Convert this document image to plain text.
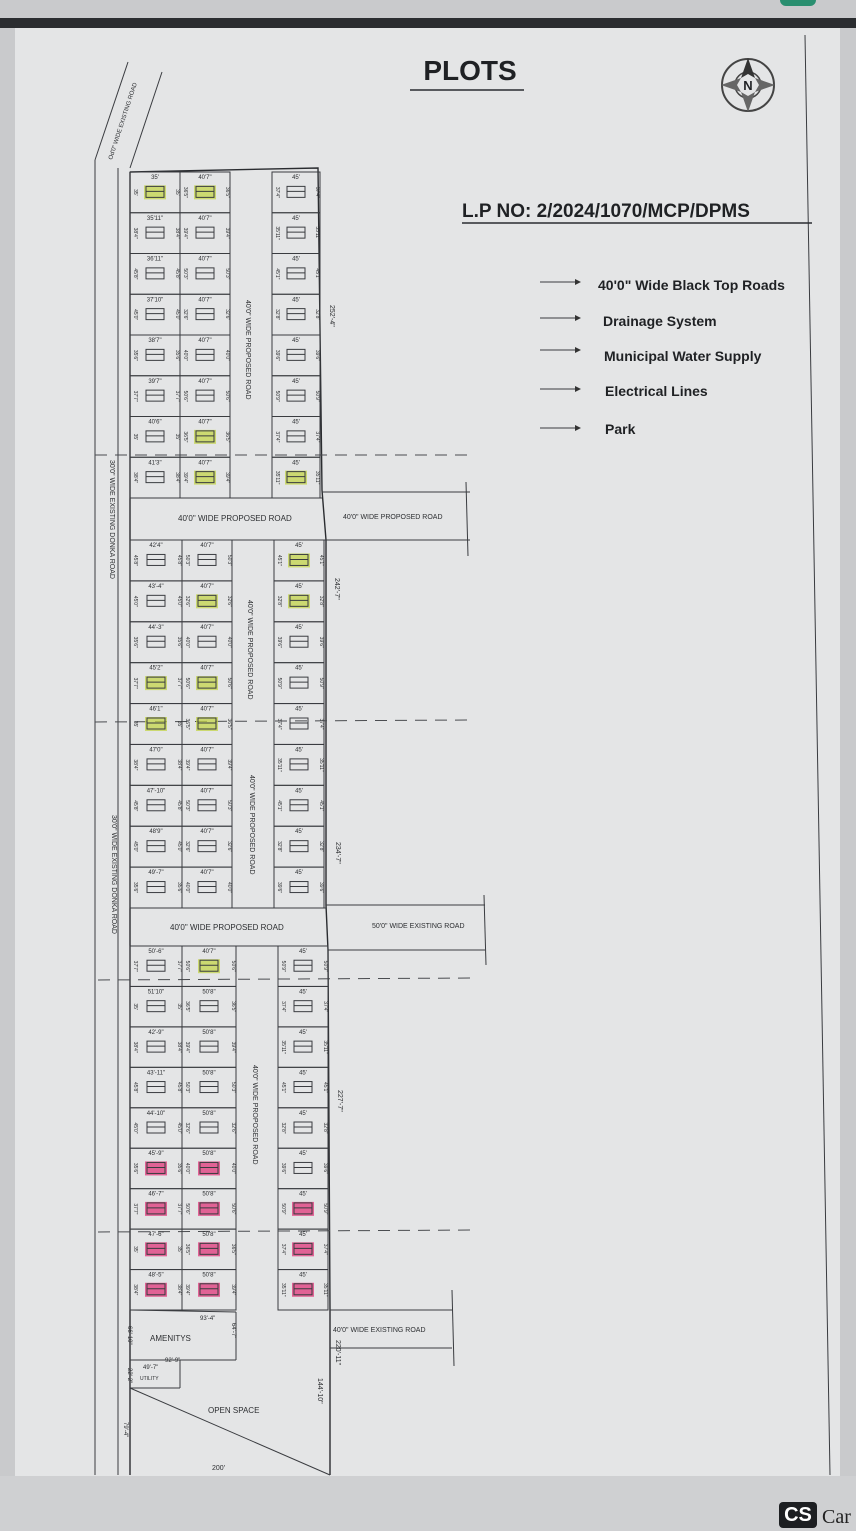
PLOTS	N
L.P NO: 2/2024/1070/MCP/DPMS
40'0" Wide Black Top Roads
Drainage System
Municipal Water Supply
Electrical Lines
Park
Od'0" WIDE EXISTING ROAD
30'0" WIDE EXISTING DONKA ROAD
30'0" WIDE EXISTING DONKA ROAD
40'0" WIDE PROPOSED ROAD	40'0" WIDE PROPOSED ROAD
40'0" WIDE PROPOSED ROAD	50'0" WIDE EXISTING ROAD
40'0" WIDE EXISTING ROAD
40'0" WIDE PROPOSED ROAD
40'0" WIDE PROPOSED ROAD
40'0" WIDE PROPOSED ROAD
40'0" WIDE PROPOSED ROAD
35'
35'	35'
40'7"
36'5"	36'5"
45'
37'4"	37'4"
35'11"
38'4"	38'4"
40'7"
39'4"	39'4"
45'
35'11"	35'11"
36'11"
45'8"	45'8"
40'7"
50'3"	50'3"
45'
45'1"	45'1"
37'10"
45'0"	45'0"
40'7"
32'6"	32'6"
45'
32'8"	32'8"
38'7"
35'6"	35'6"
40'7"
40'0"	40'0"
45'
39'6"	39'6"
39'7"
37'7"	37'7"
40'7"
50'6"	50'6"
45'
50'9"	50'9"
40'6"
35'	35'
40'7"
36'5"	36'5"
45'
37'4"	37'4"
41'3"
38'4"	38'4"
40'7"
39'4"	39'4"
45'
35'11"	35'11"
42'4"
45'8"	45'8"
40'7"
50'3"	50'3"
45'
45'1"	45'1"
43'-4"
45'0"	45'0"
40'7"
32'6"	32'6"
45'
32'8"	32'8"
44'-3"
35'6"	35'6"
40'7"
40'0"	40'0"
45'
39'6"	39'6"
45'2"
37'7"	37'7"
40'7"
50'6"	50'6"
45'
50'9"	50'9"
46'1"
35'	35'
40'7"
36'5"	36'5"
45'
37'4"	37'4"
47'0"
38'4"	38'4"
40'7"
39'4"	39'4"
45'
35'11"	35'11"
47'-10"
45'8"	45'8"
40'7"
50'3"	50'3"
45'
45'1"	45'1"
48'9"
45'0"	45'0"
40'7"
32'6"	32'6"
45'
32'8"	32'8"
49'-7"
35'6"	35'6"
40'7"
40'0"	40'0"
45'
39'6"	39'6"
50'-6"
37'7"	37'7"
40'7"
50'6"	50'6"
45'
50'9"	50'9"
51'10"
35'	35'
50'8"
36'5"	36'5"
45'
37'4"	37'4"
42'-9"
38'4"	38'4"
50'8"
39'4"	39'4"
45'
35'11"	35'11"
43'-11"
45'8"	45'8"
50'8"
50'3"	50'3"
45'
45'1"	45'1"
44'-10"
45'0"	45'0"
50'8"
32'6"	32'6"
45'
32'8"	32'8"
45'-9"
35'6"	35'6"
50'8"
40'0"	40'0"
45'
39'6"	39'6"
46'-7"
37'7"	37'7"
50'8"
50'6"	50'6"
45'
50'9"	50'9"
47'-6"
35'	35'
50'8"
36'5"	36'5"
45'
37'4"	37'4"
48'-5"
38'4"	38'4"
50'8"
39'4"	39'4"
45'
35'11"	35'11"
252'-4"
242'-7"
234'-7"
227'-7"
220'-11"
144'-10"
93'-4"
AMENITYS
92'-9"
49'-7"
UTILITY
OPEN SPACE
200'
66'-10"
22'-2"
79'-4"
64'-7"
CS Car
